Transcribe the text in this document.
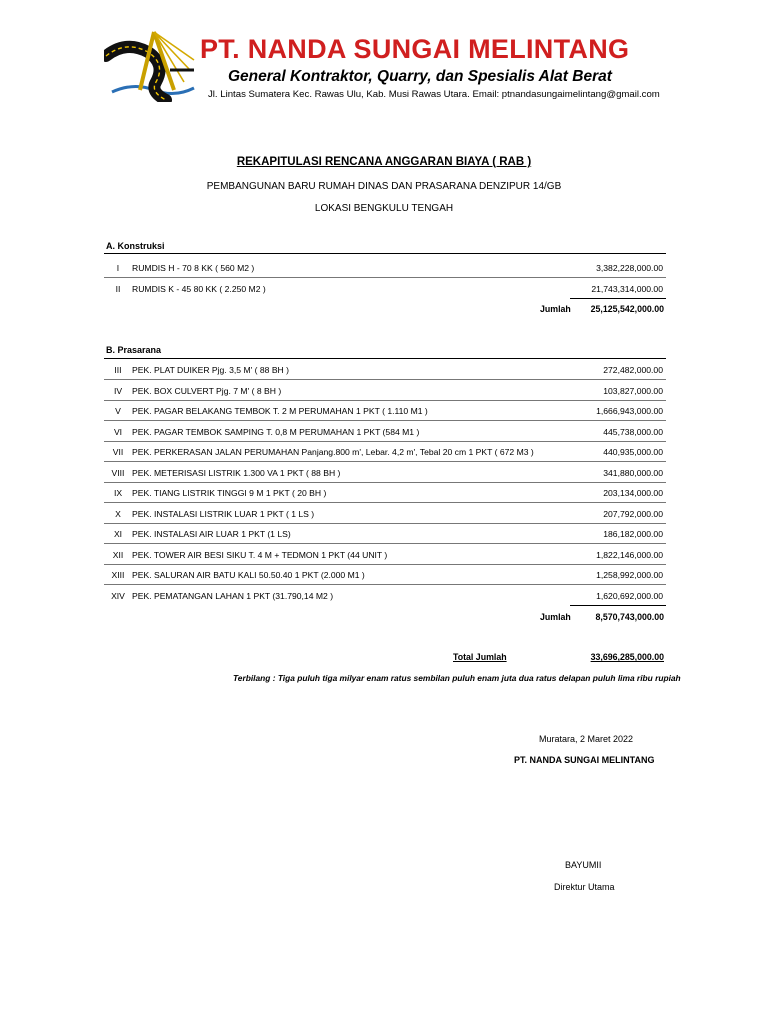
PT. NANDA SUNGAI MELINTANG
General Kontraktor, Quarry, dan Spesialis Alat Berat
Jl. Lintas Sumatera Kec. Rawas Ulu, Kab. Musi Rawas Utara. Email: ptnandasungaimelintang@gmail.com
REKAPITULASI RENCANA ANGGARAN BIAYA ( RAB )
PEMBANGUNAN BARU RUMAH DINAS DAN PRASARANA DENZIPUR 14/GB
LOKASI BENGKULU TENGAH
A. Konstruksi
I	RUMDIS H - 70 8 KK ( 560 M2 )	3,382,228,000.00
II	RUMDIS K - 45 80 KK ( 2.250 M2 )	21,743,314,000.00
Jumlah 25,125,542,000.00
B. Prasarana
III	PEK. PLAT DUIKER Pjg. 3,5 M' ( 88 BH )	272,482,000.00
IV	PEK. BOX CULVERT Pjg. 7 M' ( 8 BH )	103,827,000.00
V	PEK. PAGAR BELAKANG TEMBOK T. 2 M PERUMAHAN 1 PKT ( 1.110 M1 )	1,666,943,000.00
VI	PEK. PAGAR TEMBOK SAMPING T. 0,8 M PERUMAHAN 1 PKT (584 M1 )	445,738,000.00
VII	PEK. PERKERASAN JALAN PERUMAHAN Panjang.800 m', Lebar. 4,2 m', Tebal 20 cm 1 PKT ( 672 M3 )	440,935,000.00
VIII PEK. METERISASI LISTRIK 1.300 VA 1 PKT ( 88 BH )	341,880,000.00
IX	PEK. TIANG LISTRIK TINGGI 9 M 1 PKT ( 20 BH )	203,134,000.00
X	PEK. INSTALASI LISTRIK LUAR 1 PKT ( 1 LS )	207,792,000.00
XI	PEK. INSTALASI AIR LUAR 1 PKT (1 LS)	186,182,000.00
XII	PEK. TOWER AIR BESI SIKU T. 4 M + TEDMON 1 PKT (44 UNIT )	1,822,146,000.00
XIII PEK. SALURAN AIR BATU KALI 50.50.40 1 PKT (2.000 M1 )	1,258,992,000.00
XIV PEK. PEMATANGAN LAHAN 1 PKT (31.790,14 M2 )	1,620,692,000.00
Jumlah	8,570,743,000.00
Total Jumlah	33,696,285,000.00
Terbilang : Tiga puluh tiga milyar enam ratus sembilan puluh enam juta dua ratus delapan puluh lima ribu rupiah
Muratara, 2 Maret 2022
PT. NANDA SUNGAI MELINTANG
BAYUMII
Direktur Utama
